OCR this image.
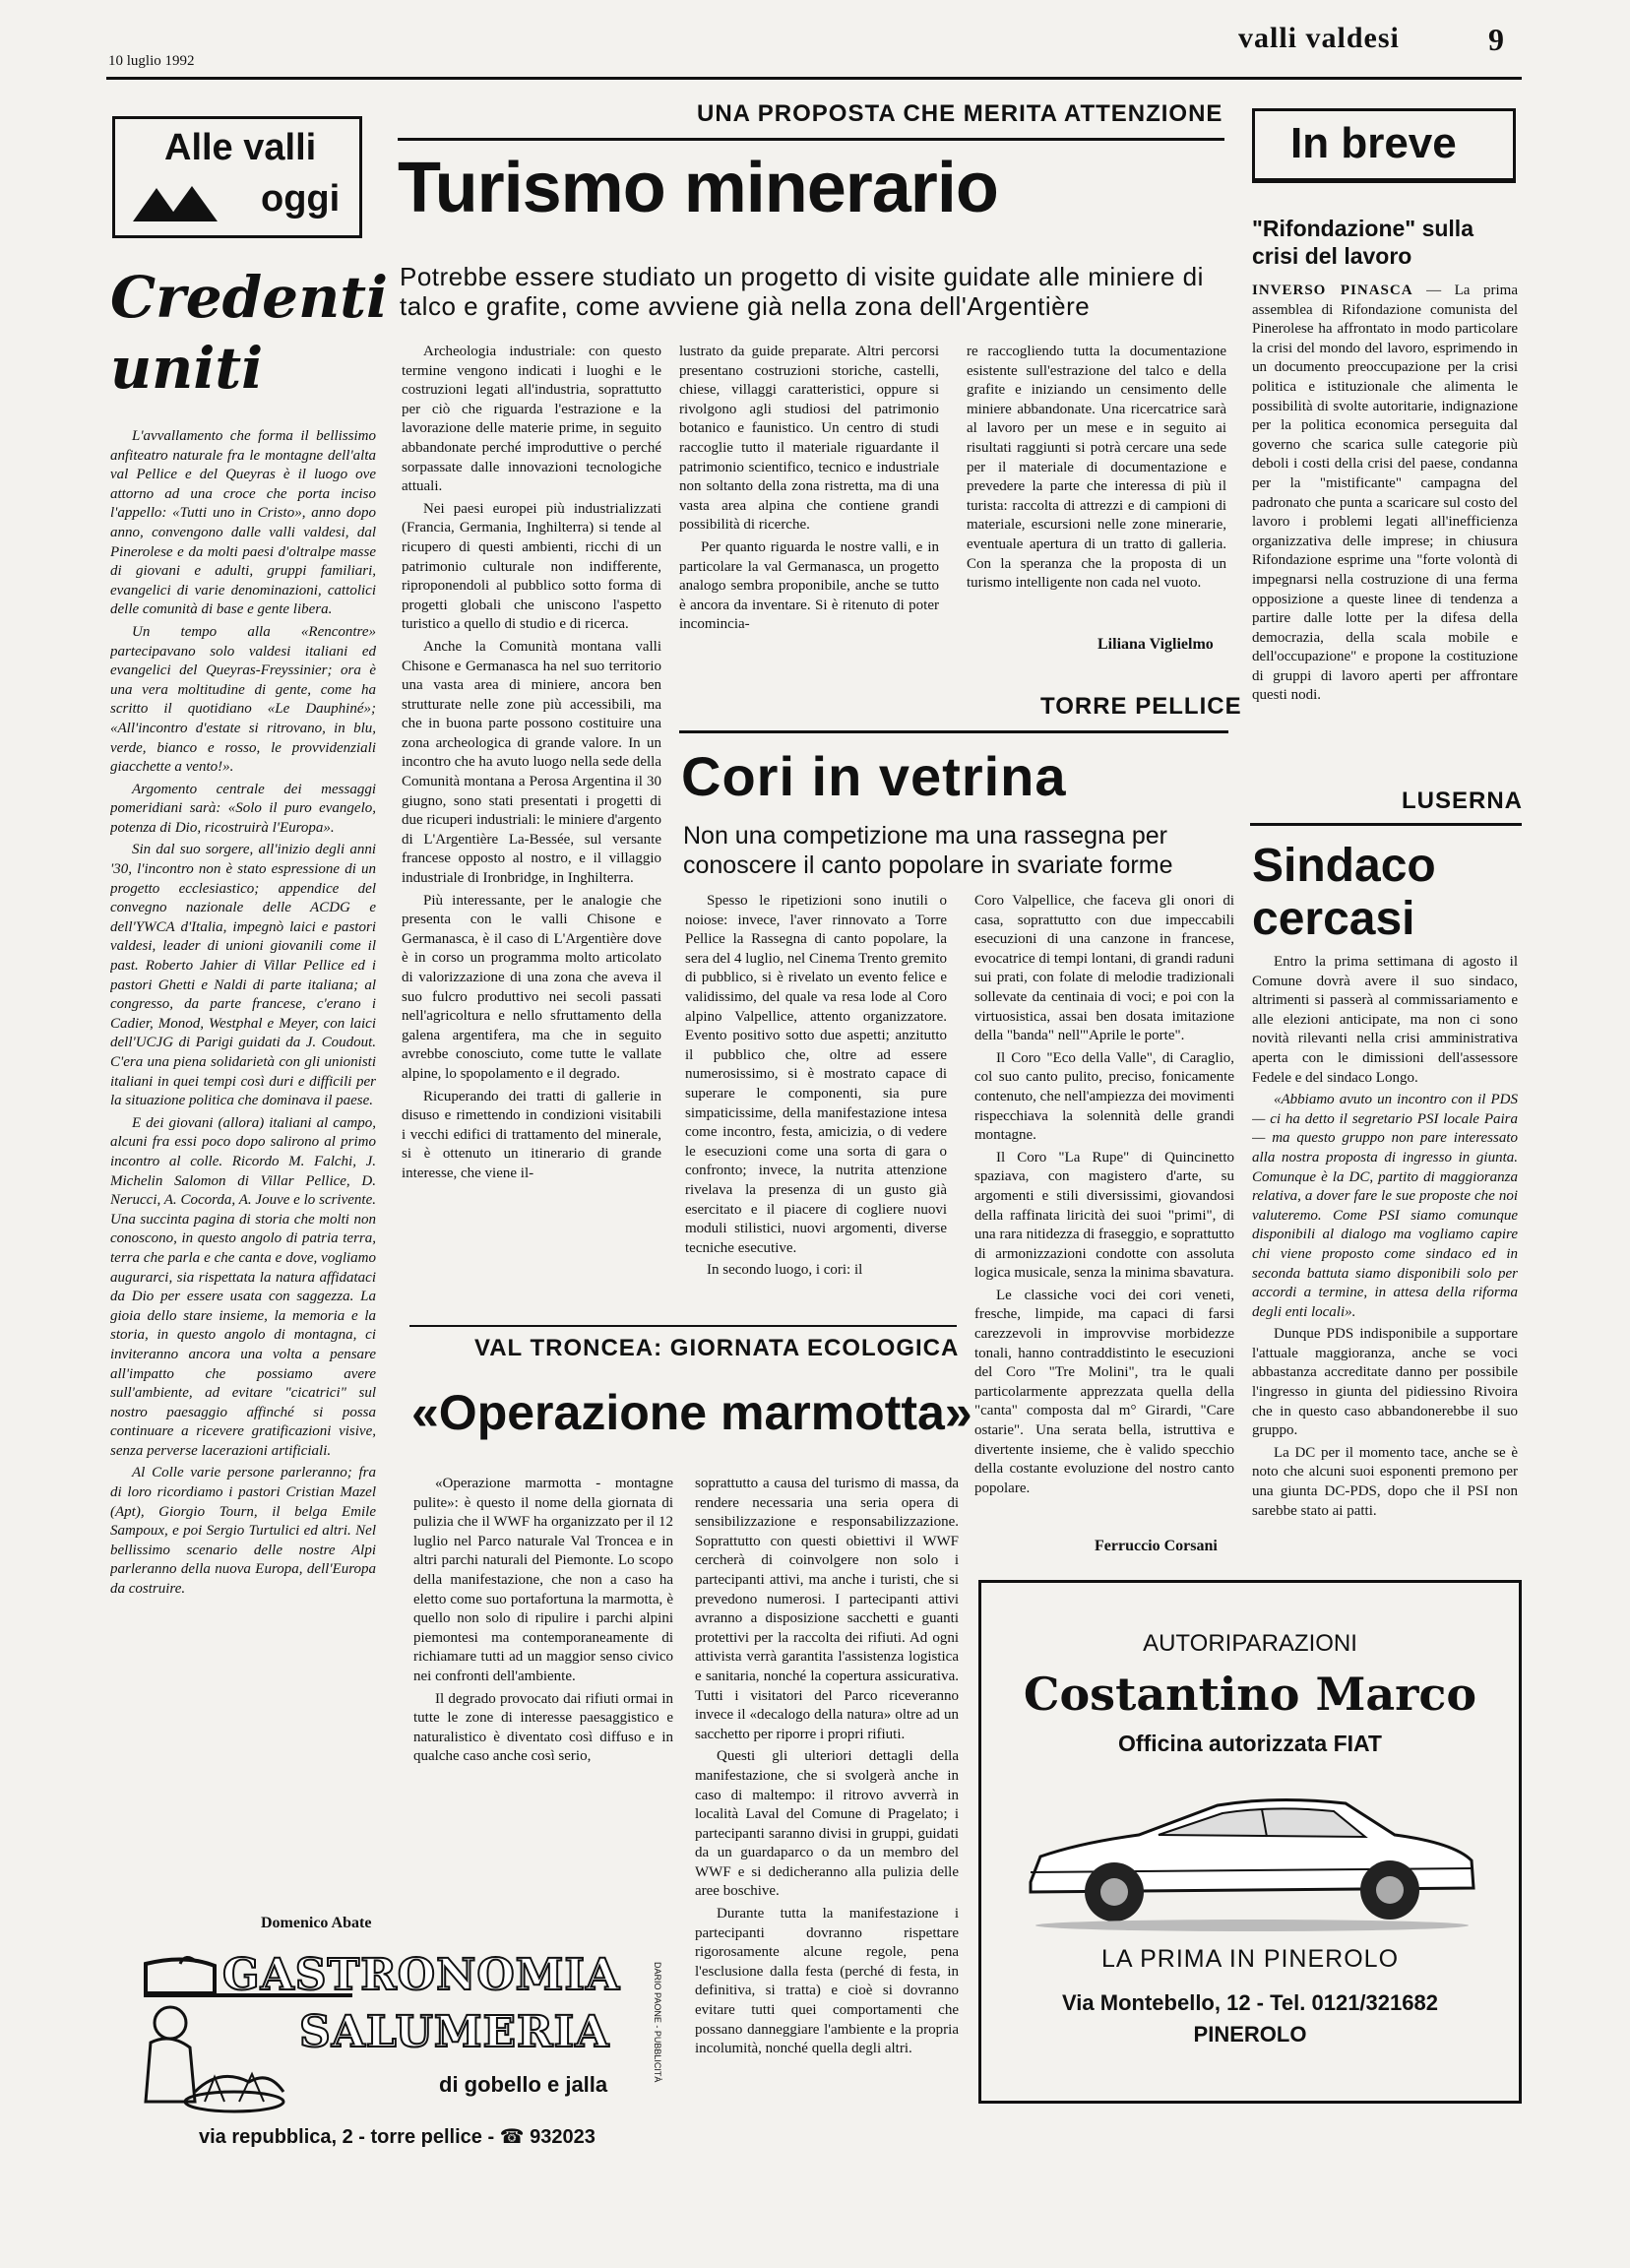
10 luglio 1992
valli valdesi	9
Alle valli
oggi
Credenti
uniti

L'avvallamento che forma il bellissimo anfiteatro naturale fra le montagne dell'alta val Pellice e del Queyras è il luogo ove attorno ad una croce che porta inciso l'appello: «Tutti uno in Cristo», anno dopo anno, convengono dalle valli valdesi, dal Pinerolese e da molti paesi d'oltralpe masse di giovani e adulti, gruppi familiari, evangelici di varie denominazioni, cattolici delle comunità di base e gente libera.

Un tempo alla «Rencontre» partecipavano solo valdesi italiani ed evangelici del Queyras-Freyssinier; ora è una vera moltitudine di gente, come ha scritto il quotidiano «Le Dauphiné»; «All'incontro d'estate si ritrovano, in blu, verde, bianco e rosso, le provvidenziali giacchette a vento!».

Argomento centrale dei messaggi pomeridiani sarà: «Solo il puro evangelo, potenza di Dio, ricostruirà l'Europa».

Sin dal suo sorgere, all'inizio degli anni '30, l'incontro non è stato espressione di un progetto ecclesiastico; appendice del convegno nazionale delle ACDG e dell'YWCA d'Italia, impegnò laici e pastori valdesi, leader di unioni giovanili come il past. Roberto Jahier di Villar Pellice ed i pastori Ghetti e Naldi di parte italiana; al congresso, da parte francese, c'erano i Cadier, Monod, Westphal e Meyer, con laici dell'UCJG di Parigi guidati da J. Coudout. C'era una piena solidarietà con gli unionisti italiani in quei tempi così duri e difficili per la situazione politica che dominava il paese.

E dei giovani (allora) italiani al campo, alcuni fra essi poco dopo salirono al primo incontro al colle. Ricordo M. Falchi, J. Michelin Salomon di Villar Pellice, D. Nerucci, A. Cocorda, A. Jouve e lo scrivente. Una succinta pagina di storia che molti non conoscono, in questo angolo di patria terra, terra che parla e che canta e dove, vogliamo augurarci, sia rispettata la natura affidataci da Dio per essere usata con saggezza. La gioia dello stare insieme, la memoria e la storia, in questo angolo di montagna, ci inviteranno ancora una volta a pensare all'impatto che possiamo avere sull'ambiente, ad evitare "cicatrici" sul nostro paesaggio affinché si possa continuare a ricevere gratificazioni visive, senza perverse lacerazioni artificiali.

Al Colle varie persone parleranno; fra di loro ricordiamo i pastori Cristian Mazel (Apt), Giorgio Tourn, il belga Emile Sampoux, e poi Sergio Turtulici ed altri. Nel bellissimo scenario delle nostre Alpi parleranno della nuova Europa, dell'Europa da costruire.

Domenico Abate
UNA PROPOSTA CHE MERITA ATTENZIONE
Turismo minerario
Potrebbe essere studiato un progetto di visite guidate alle miniere di talco e grafite, come avviene già nella zona dell'Argentière

Archeologia industriale: con questo termine vengono indicati i luoghi e le costruzioni legati all'industria, soprattutto per ciò che riguarda l'estrazione e la lavorazione delle materie prime, in seguito abbandonate perché improduttive o perché sorpassate dalle innovazioni tecnologiche attuali.

Nei paesi europei più industrializzati (Francia, Germania, Inghilterra) si tende al ricupero di questi ambienti, ricchi di un patrimonio culturale non indifferente, riproponendoli al pubblico sotto forma di progetti globali che uniscono l'aspetto turistico a quello di studio e di ricerca.

Anche la Comunità montana valli Chisone e Germanasca ha nel suo territorio una vasta area di miniere, ancora ben strutturate nelle zone più accessibili, ma che in buona parte possono costituire una zona archeologica di grande valore. In un incontro che ha avuto luogo nella sede della Comunità montana a Perosa Argentina il 30 giugno, sono stati presentati i progetti di due ricuperi industriali: le miniere d'argento di L'Argentière La-Bessée, sul versante francese opposto al nostro, e il villaggio industriale di Ironbridge, in Inghilterra.

Più interessante, per le analogie che presenta con le valli Chisone e Germanasca, è il caso di L'Argentière dove è in corso un programma molto articolato di valorizzazione di una zona che aveva il suo fulcro produttivo nei secoli passati nell'agricoltura e nello sfruttamento della galena argentifera, ma che in seguito avrebbe conosciuto, come tutte le vallate alpine, lo spopolamento e il degrado.

Ricuperando dei tratti di gallerie in disuso e rimettendo in condizioni visitabili i vecchi edifici di trattamento del minerale, si è ottenuto un itinerario di grande interesse, che viene il-

lustrato da guide preparate. Altri percorsi presentano costruzioni storiche, castelli, chiese, villaggi caratteristici, oppure si rivolgono agli studiosi del patrimonio botanico e faunistico. Un centro di studi raccoglie tutto il materiale riguardante il patrimonio scientifico, tecnico e industriale non soltanto della zona ristretta, ma di una vasta area alpina che contiene grandi possibilità di ricerche.

Per quanto riguarda le nostre valli, e in particolare la val Germanasca, un progetto analogo sembra proponibile, anche se tutto è ancora da inventare. Si è ritenuto di poter incomincia-

re raccogliendo tutta la documentazione esistente sull'estrazione del talco e della grafite e iniziando un censimento delle miniere abbandonate. Una ricercatrice sarà al lavoro per un mese e in seguito ai risultati raggiunti si potrà cercare una sede per il materiale di documentazione e prevedere la parte che interessa di più il turista: raccolta di attrezzi e di campioni di materiale, escursioni nelle zone minerarie, eventuale apertura di un tratto di galleria. Con la speranza che la proposta di un turismo intelligente non cada nel vuoto.

Liliana Viglielmo
TORRE PELLICE
Cori in vetrina
Non una competizione ma una rassegna per conoscere il canto popolare in svariate forme

Spesso le ripetizioni sono inutili o noiose: invece, l'aver rinnovato a Torre Pellice la Rassegna di canto popolare, la sera del 4 luglio, nel Cinema Trento gremito di pubblico, si è rivelato un evento felice e validissimo, del quale va resa lode al Coro alpino Valpellice, attento organizzatore. Evento positivo sotto due aspetti; anzitutto il pubblico che, oltre ad essere numerosissimo, si è mostrato capace di superare le componenti, sia pure simpaticissime, della manifestazione intesa come incontro, festa, amicizia, o di vedere le esecuzioni come una sorta di gara o confronto; invece, la nutrita attenzione rivelava la presenza di un gusto già esercitato e il piacere di cogliere nuovi moduli stilistici, nuovi argomenti, diverse tecniche esecutive.

In secondo luogo, i cori: il

Coro Valpellice, che faceva gli onori di casa, soprattutto con due impeccabili esecuzioni di una canzone in francese, evocatrice di tempi lontani, di grandi raduni sui prati, con folate di melodie tradizionali sollevate da centinaia di voci; e poi con la virtuosistica, assai ben dosata imitazione della "banda" nell'"Aprile le porte".

Il Coro "Eco della Valle", di Caraglio, col suo canto pulito, preciso, fonicamente contenuto, che nell'ampiezza dei movimenti rispecchiava la solennità delle grandi montagne.

Il Coro "La Rupe" di Quincinetto spaziava, con magistero d'arte, su argomenti e stili diversissimi, giovandosi della raffinata liricità dei suoi "primi", di una rara nitidezza di fraseggio, e soprattutto di armonizzazioni condotte con assoluta logica musicale, senza la minima sbavatura.

Le classiche voci dei cori veneti, fresche, limpide, ma capaci di farsi carezzevoli in improvvise morbidezze tonali, hanno contraddistinto le esecuzioni del Coro "Tre Molini", tra le quali particolarmente apprezzata quella della "canta" composta dal m° Girardi, "Care ostarie". Una serata bella, istruttiva e divertente insieme, che è valido specchio della costante evoluzione del nostro canto popolare.

Ferruccio Corsani
VAL TRONCEA: GIORNATA ECOLOGICA
«Operazione marmotta»

«Operazione marmotta - montagne pulite»: è questo il nome della giornata di pulizia che il WWF ha organizzato per il 12 luglio nel Parco naturale Val Troncea e in altri parchi naturali del Piemonte. Lo scopo della manifestazione, che non a caso ha eletto come suo portafortuna la marmotta, è quello non solo di ripulire i parchi alpini piemontesi ma contemporaneamente di richiamare tutti ad un maggior senso civico nei confronti dell'ambiente.

Il degrado provocato dai rifiuti ormai in tutte le zone di interesse paesaggistico e naturalistico è diventato così diffuso e in qualche caso anche così serio,

soprattutto a causa del turismo di massa, da rendere necessaria una seria opera di sensibilizzazione e responsabilizzazione. Soprattutto con questi obiettivi il WWF cercherà di coinvolgere non solo i partecipanti attivi, ma anche i turisti, che si prevedono numerosi. I partecipanti attivi avranno a disposizione sacchetti e guanti protettivi per la raccolta dei rifiuti. Ad ogni attivista verrà garantita l'assistenza logistica e sanitaria, nonché la copertura assicurativa. Tutti i visitatori del Parco riceveranno invece il «decalogo della natura» oltre ad un sacchetto per riporre i propri rifiuti.

Questi gli ulteriori dettagli della manifestazione, che si svolgerà anche in caso di maltempo: il ritrovo avverrà in località Laval del Comune di Pragelato; i partecipanti saranno divisi in gruppi, guidati da un guardaparco o da un membro del WWF e si dedicheranno alla pulizia delle aree boschive.

Durante tutta la manifestazione i partecipanti dovranno rispettare rigorosamente alcune regole, pena l'esclusione dalla festa (perché di festa, in definitiva, si tratta) e cioè si dovranno evitare tutti quei comportamenti che possano danneggiare l'ambiente e la propria incolumità, nonché quella degli altri.

In breve
"Rifondazione" sulla crisi del lavoro

INVERSO PINASCA — La prima assemblea di Rifondazione comunista del Pinerolese ha affrontato in modo particolare la crisi del mondo del lavoro, esprimendo in un documento preoccupazione per la crisi politica e istituzionale che alimenta le possibilità di svolte autoritarie, indignazione per la politica economica perseguita dal governo che scarica sulle categorie più deboli i costi della crisi del paese, condanna per la "mistificante" campagna del padronato che punta a scaricare sul costo del lavoro i problemi legati all'inefficienza organizzativa delle imprese; in chiusura Rifondazione esprime una "forte volontà di impegnarsi nella costruzione di una ferma opposizione a queste linee di tendenza a partire dalle lotte per la difesa della democrazia, della scala mobile e dell'occupazione" e propone la costituzione di gruppi di lavoro aperti per affrontare questi nodi.

LUSERNA
Sindaco
cercasi

Entro la prima settimana di agosto il Comune dovrà avere il suo sindaco, altrimenti si passerà al commissariamento e alle elezioni anticipate, ma non ci sono novità rilevanti nella crisi amministrativa aperta con le dimissioni dell'assessore Fedele e del sindaco Longo.

«Abbiamo avuto un incontro con il PDS — ci ha detto il segretario PSI locale Paira — ma questo gruppo non pare interessato alla nostra proposta di ingresso in giunta. Comunque è la DC, partito di maggioranza relativa, a dover fare le sue proposte che noi valuteremo. Come PSI siamo comunque disponibili al dialogo ma vogliamo capire chi viene proposto come sindaco ed in seconda battuta siamo disponibili solo per accordi a termine, in attesa della riforma degli enti locali».

Dunque PDS indisponibile a supportare l'attuale maggioranza, anche se voci abbastanza accreditate danno per possibile l'ingresso in giunta del pidiessino Rivoira che in questo caso abbandonerebbe il suo gruppo.

La DC per il momento tace, anche se è noto che alcuni suoi esponenti premono per una giunta DC-PDS, dopo che il PSI non sarebbe stato ai patti.

GASTRONOMIA
SALUMERIA
di gobello e jalla
DARIO PAONE - PUBBLICITÀ
via repubblica, 2 - torre pellice - ☎ 932023
AUTORIPARAZIONI
Costantino Marco
Officina autorizzata FIAT
LA PRIMA IN PINEROLO
Via Montebello, 12 - Tel. 0121/321682
PINEROLO
